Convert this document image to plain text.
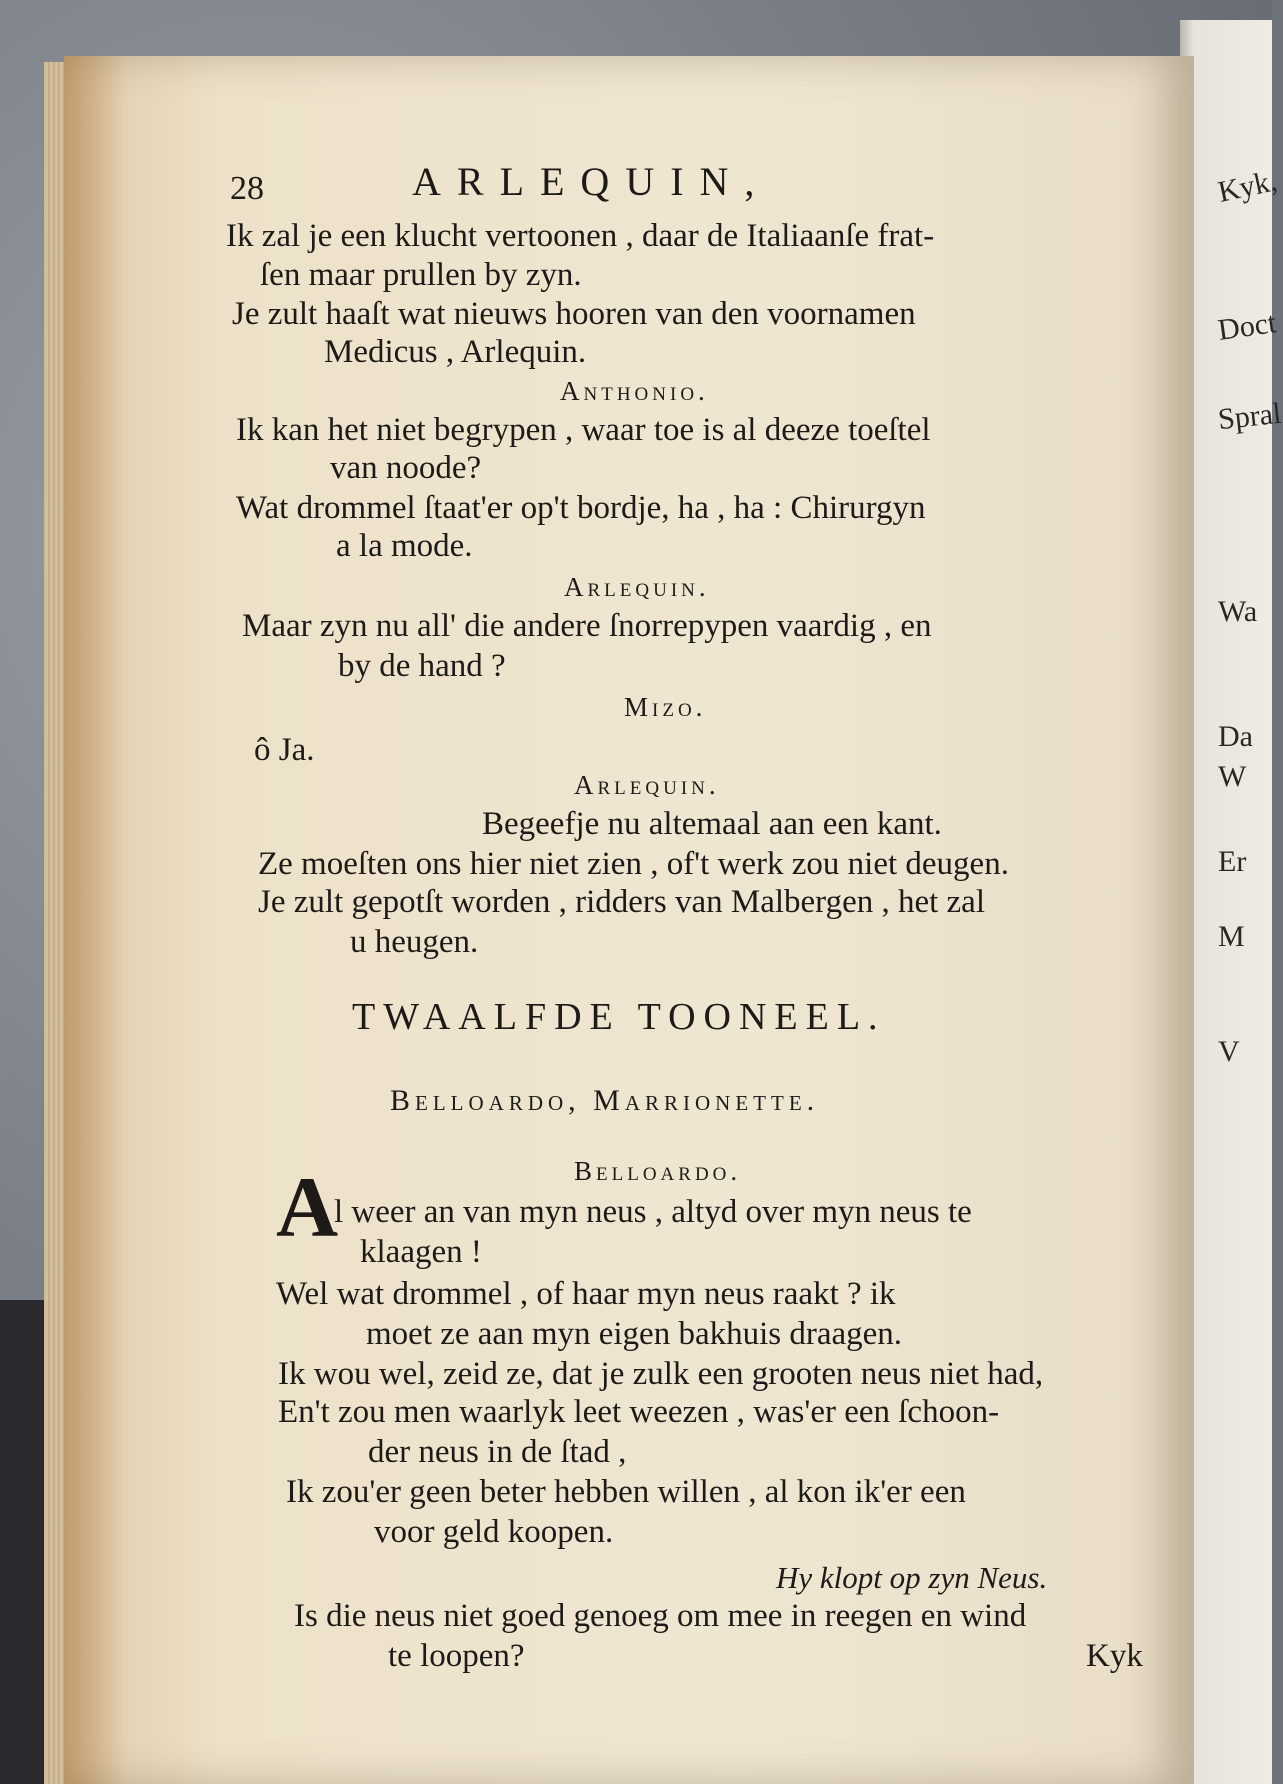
Kyk,
Doct
Spral
Wa
Da
W
Er
M
V
28	ARLEQUIN,
Ik zal je een klucht vertoonen , daar de Italiaanſe frat-
ſen maar prullen by zyn.
Je zult haaſt wat nieuws hooren van den voornamen
Medicus , Arlequin.
Anthonio.
Ik kan het niet begrypen , waar toe is al deeze toeſtel
van noode?
Wat drommel ſtaat'er op't bordje, ha , ha : Chirurgyn
a la mode.
Arlequin.
Maar zyn nu all' die andere ſnorrepypen vaardig , en
by de hand ?
Mizo.
ô Ja.
Arlequin.
Begeefje nu altemaal aan een kant.
Ze moeſten ons hier niet zien , of't werk zou niet deugen.
Je zult gepotſt worden , ridders van Malbergen , het zal
u heugen.
TWAALFDE TOONEEL.
Belloardo, Marrionette.
Belloardo.
A
l weer an van myn neus , altyd over myn neus te
klaagen !
Wel wat drommel , of haar myn neus raakt ? ik
moet ze aan myn eigen bakhuis draagen.
Ik wou wel, zeid ze, dat je zulk een grooten neus niet had,
En't zou men waarlyk leet weezen , was'er een ſchoon-
der neus in de ſtad ,
Ik zou'er geen beter hebben willen , al kon ik'er een
voor geld koopen.
Hy klopt op zyn Neus.
Is die neus niet goed genoeg om mee in reegen en wind
te loopen?	Kyk
